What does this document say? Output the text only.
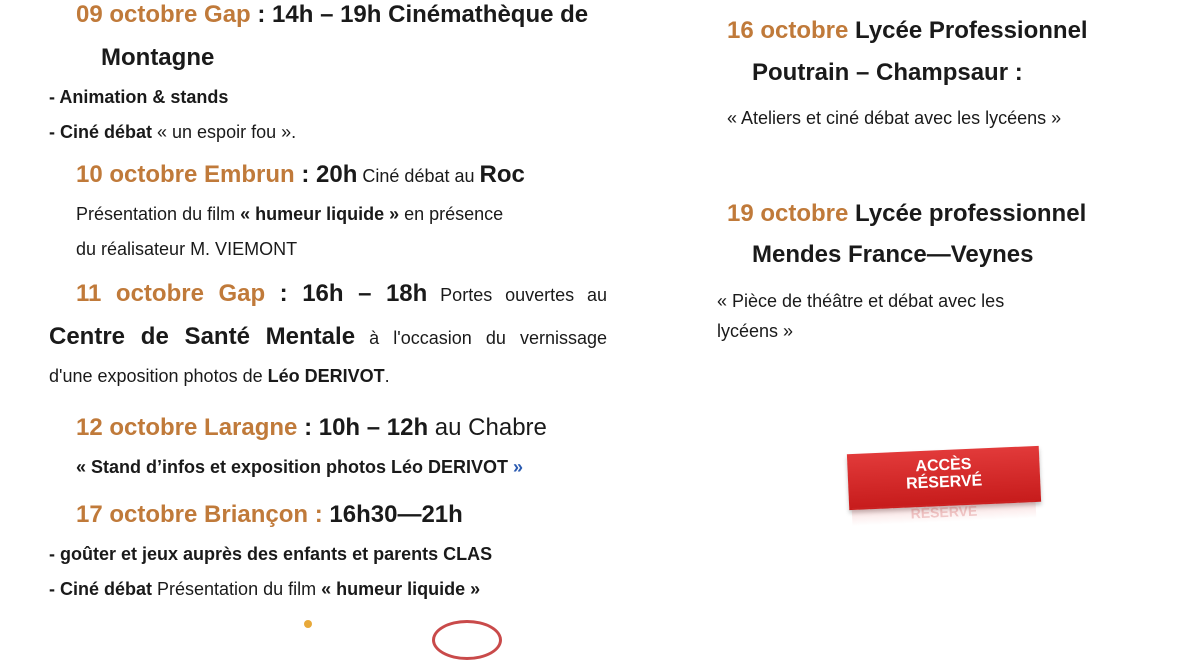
09 octobre Gap : 14h – 19h Cinémathèque de
Montagne
- Animation & stands
- Ciné débat « un espoir fou ».
10 octobre Embrun : 20h Ciné débat au Roc
Présentation du film « humeur liquide » en présence
du réalisateur M. VIEMONT
11 octobre Gap : 16h – 18h Portes ouvertes au
Centre de Santé Mentale à l'occasion du vernissage
d'une exposition photos de Léo DERIVOT.
12 octobre Laragne : 10h – 12h au Chabre
« Stand d’infos et exposition photos Léo DERIVOT »
17 octobre Briançon : 16h30—21h
- goûter et jeux auprès des enfants et parents CLAS
- Ciné débat Présentation du film « humeur liquide »
16 octobre Lycée Professionnel
Poutrain – Champsaur :
« Ateliers et ciné débat avec les lycéens »
19 octobre Lycée professionnel
Mendes France—Veynes
« Pièce de théâtre et débat avec les
lycéens »
ACCÈS
RÉSERVÉ
RÉSERVÉ
